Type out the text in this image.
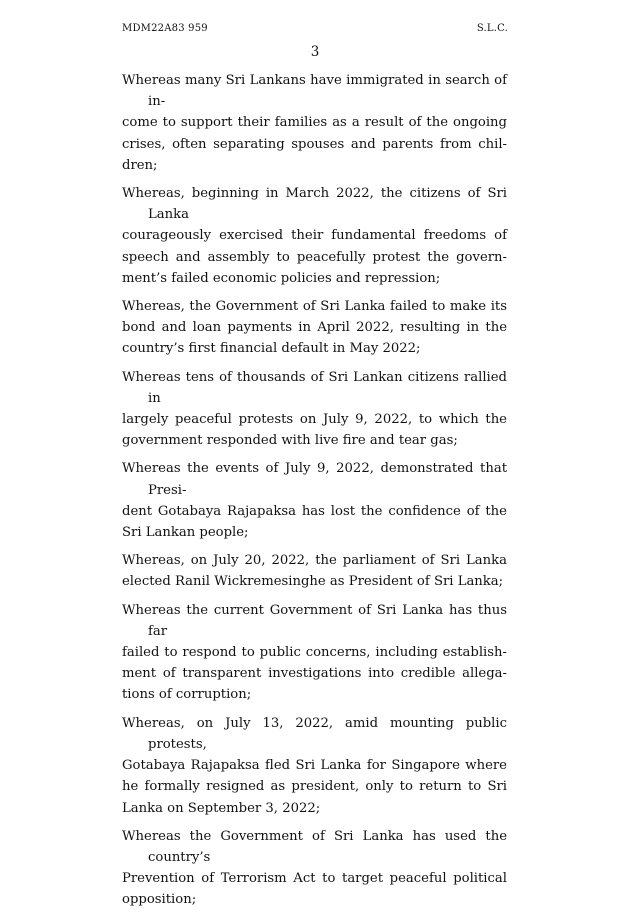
MDM22A83 959	S.L.C.
3

Whereas many Sri Lankans have immigrated in search of in-
come to support their families as a result of the ongoing
crises, often separating spouses and parents from chil-
dren;

Whereas, beginning in March 2022, the citizens of Sri Lanka
courageously exercised their fundamental freedoms of
speech and assembly to peacefully protest the govern-
ment’s failed economic policies and repression;

Whereas, the Government of Sri Lanka failed to make its
bond and loan payments in April 2022, resulting in the
country’s first financial default in May 2022;

Whereas tens of thousands of Sri Lankan citizens rallied in
largely peaceful protests on July 9, 2022, to which the
government responded with live fire and tear gas;

Whereas the events of July 9, 2022, demonstrated that Presi-
dent Gotabaya Rajapaksa has lost the confidence of the
Sri Lankan people;

Whereas, on July 20, 2022, the parliament of Sri Lanka
elected Ranil Wickremesinghe as President of Sri Lanka;

Whereas the current Government of Sri Lanka has thus far
failed to respond to public concerns, including establish-
ment of transparent investigations into credible allega-
tions of corruption;

Whereas, on July 13, 2022, amid mounting public protests,
Gotabaya Rajapaksa fled Sri Lanka for Singapore where
he formally resigned as president, only to return to Sri
Lanka on September 3, 2022;

Whereas the Government of Sri Lanka has used the country’s
Prevention of Terrorism Act to target peaceful political
opposition;
